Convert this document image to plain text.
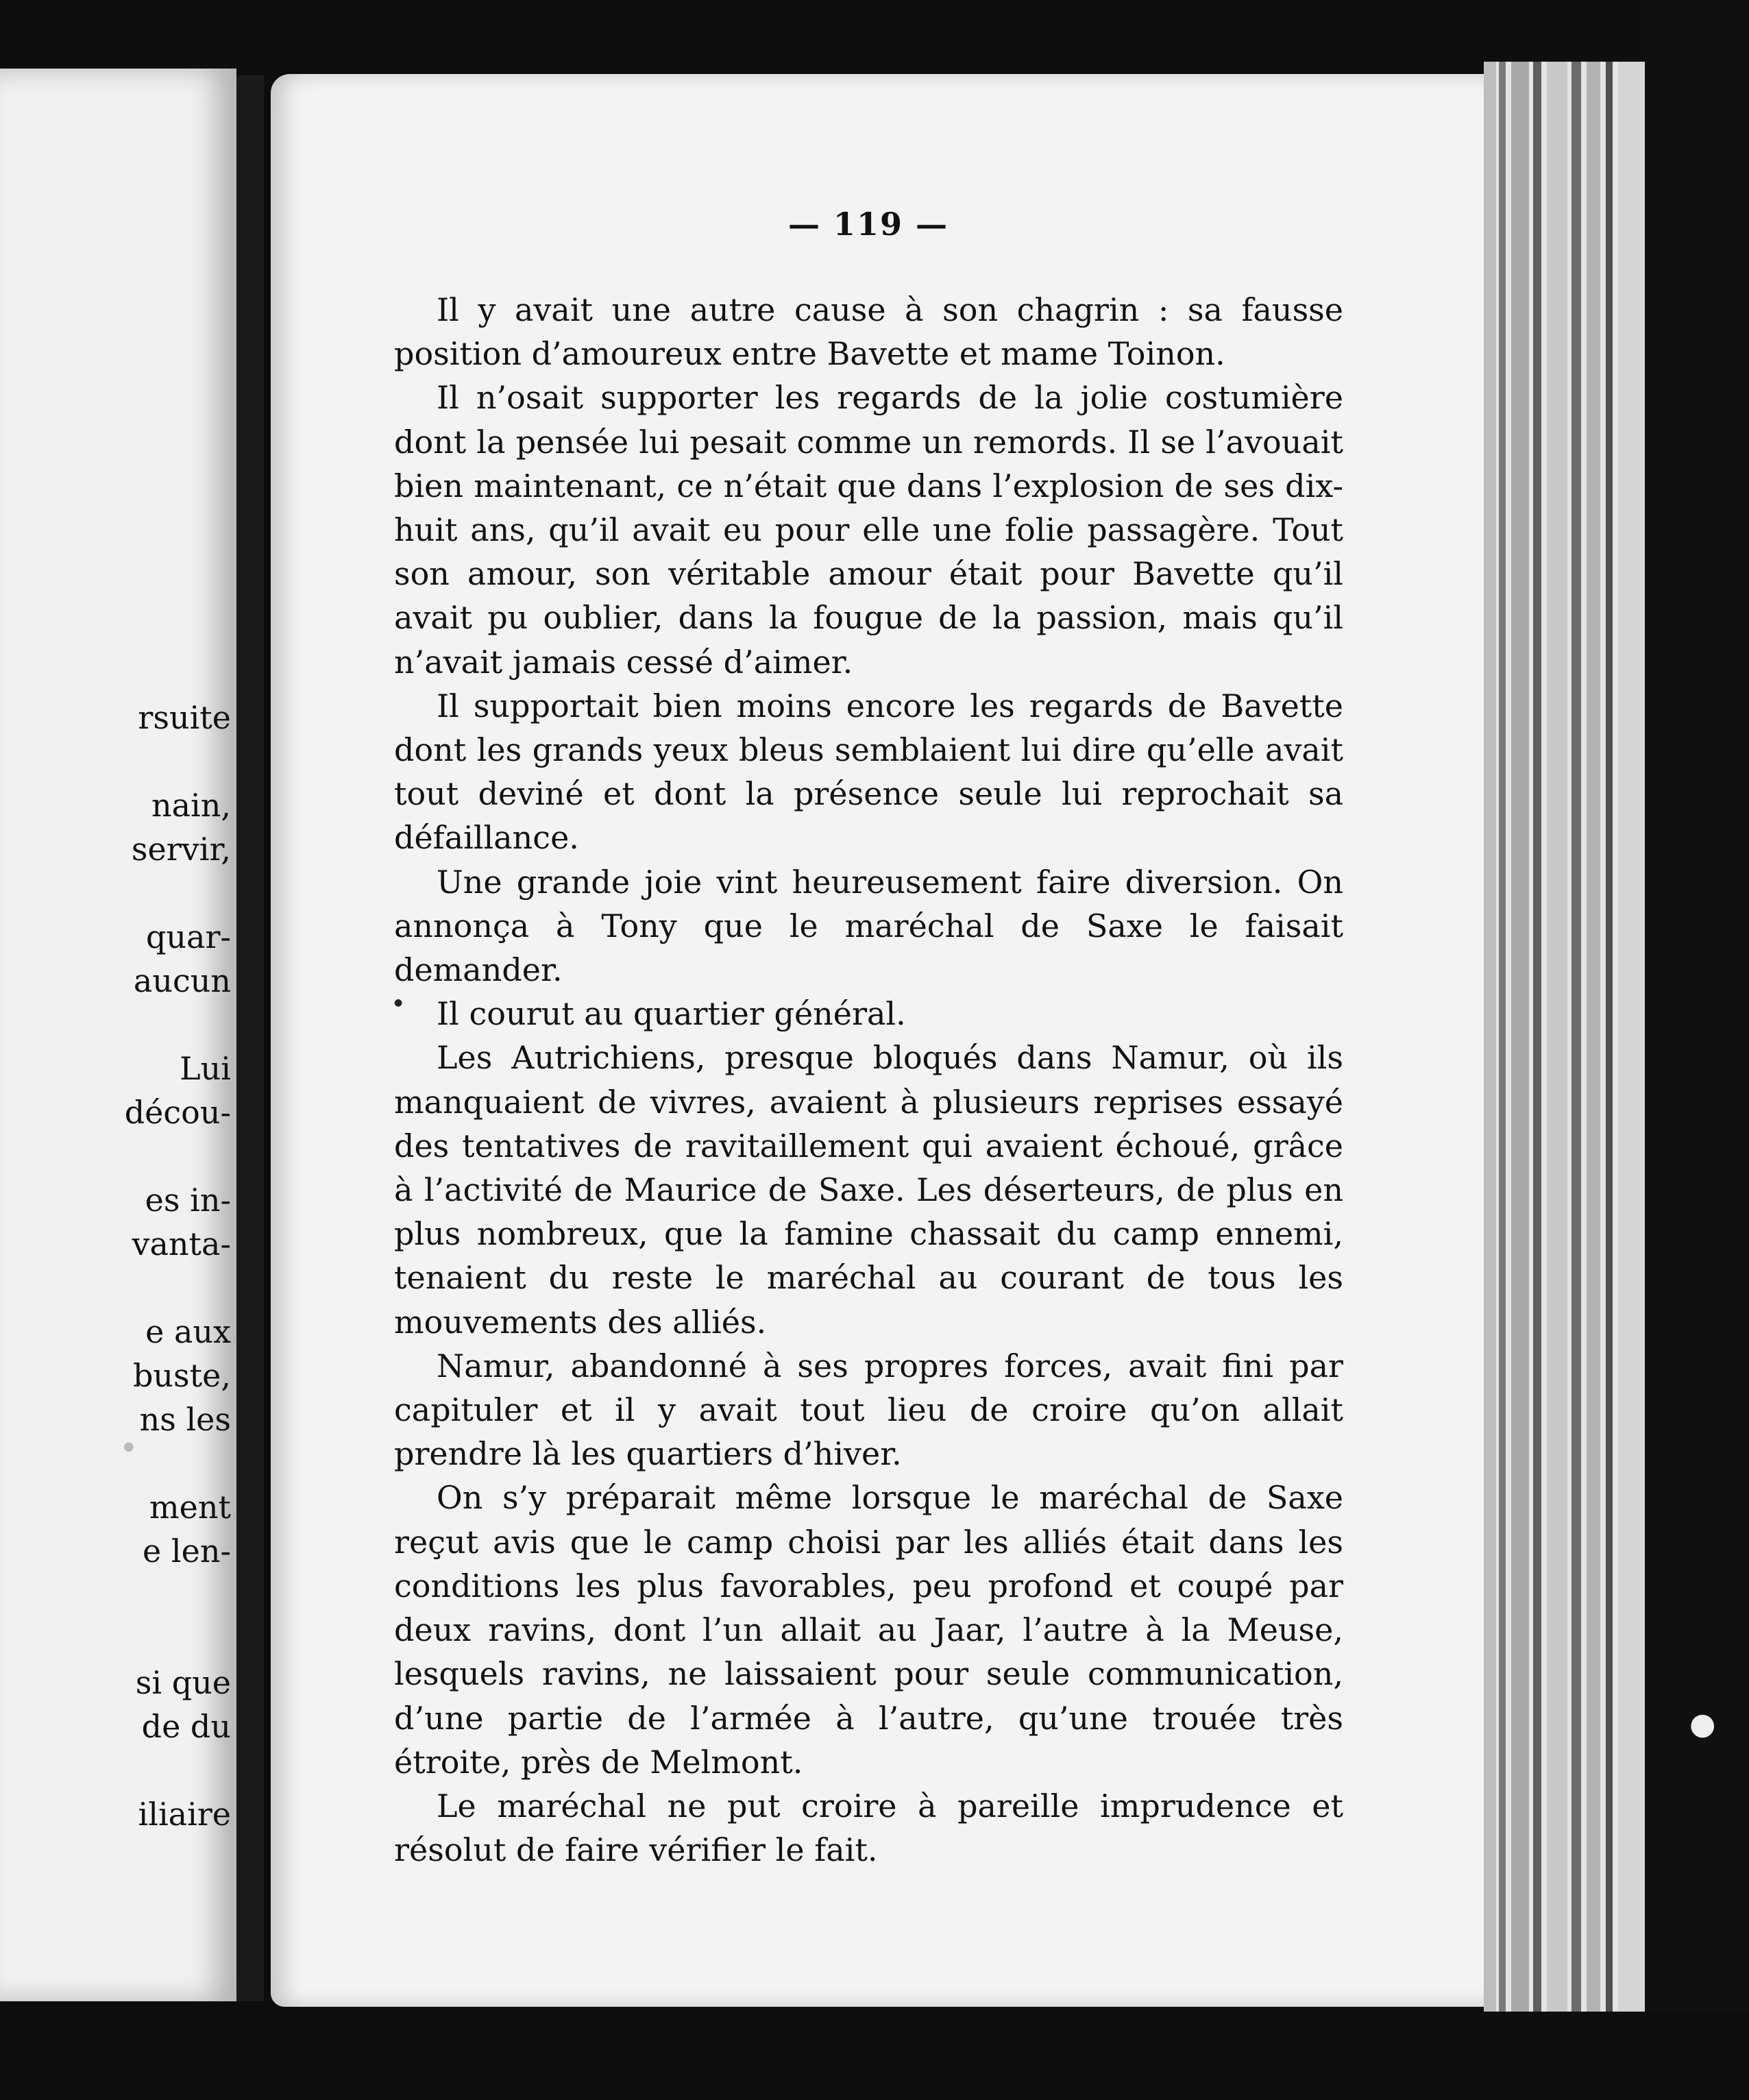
rsuite
nain,
servir,
quar-
aucun
Lui
décou-
es in-
vanta-
e aux
buste,
ns les
ment
e len-
si que
de du
iliaire
— 119 —

Il y avait une autre cause à son chagrin : sa fausse position d’amoureux entre Bavette et mame Toinon.

Il n’osait supporter les regards de la jolie costumière dont la pensée lui pesait comme un remords. Il se l’avouait bien maintenant, ce n’était que dans l’explosion de ses dix-huit ans, qu’il avait eu pour elle une folie passagère. Tout son amour, son véritable amour était pour Bavette qu’il avait pu oublier, dans la fougue de la passion, mais qu’il n’avait jamais cessé d’aimer.

Il supportait bien moins encore les regards de Bavette dont les grands yeux bleus semblaient lui dire qu’elle avait tout deviné et dont la présence seule lui reprochait sa défaillance.

Une grande joie vint heureusement faire diversion. On annonça à Tony que le maréchal de Saxe le faisait demander.

Il courut au quartier général.

Les Autrichiens, presque bloqués dans Namur, où ils manquaient de vivres, avaient à plusieurs reprises essayé des tentatives de ravitaillement qui avaient échoué, grâce à l’activité de Maurice de Saxe. Les déserteurs, de plus en plus nombreux, que la famine chassait du camp ennemi, tenaient du reste le maréchal au courant de tous les mouvements des alliés.

Namur, abandonné à ses propres forces, avait fini par capituler et il y avait tout lieu de croire qu’on allait prendre là les quartiers d’hiver.

On s’y préparait même lorsque le maréchal de Saxe reçut avis que le camp choisi par les alliés était dans les conditions les plus favorables, peu profond et coupé par deux ravins, dont l’un allait au Jaar, l’autre à la Meuse, lesquels ravins, ne laissaient pour seule communication, d’une partie de l’armée à l’autre, qu’une trouée très étroite, près de Melmont.

Le maréchal ne put croire à pareille imprudence et résolut de faire vérifier le fait.

●
●
●
